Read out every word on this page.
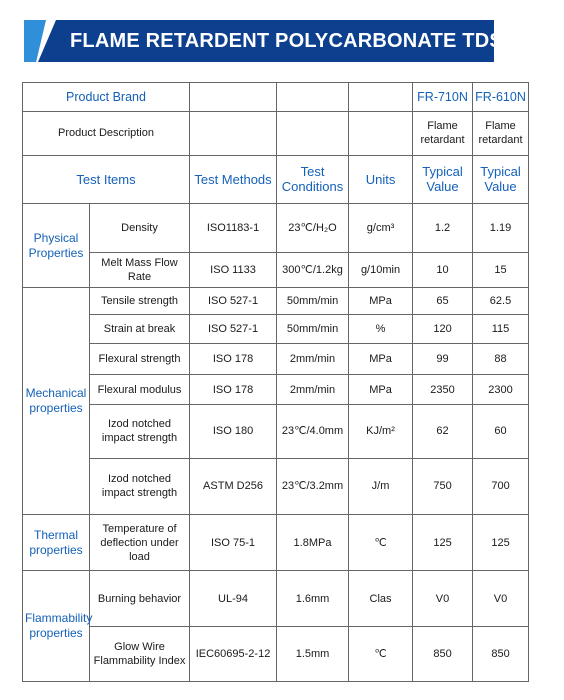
FLAME RETARDENT POLYCARBONATE TDS
Product Brand					FR-710N	FR-610N
Product Description					Flame retardant	Flame retardant
Test Items		Test Methods	Test Conditions	Units	Typical Value	Typical Value
Physical Properties	Density	ISO1183-1	23℃/H₂O	g/cm³	1.2	1.19
	Melt Mass Flow Rate	ISO 1133	300℃/1.2kg	g/10min	10	15
Mechanical properties	Tensile strength	ISO 527-1	50mm/min	MPa	65	62.5
	Strain at break	ISO 527-1	50mm/min	%	120	115
	Flexural strength	ISO 178	2mm/min	MPa	99	88
	Flexural modulus	ISO 178	2mm/min	MPa	2350	2300
	Izod notched impact strength	ISO 180	23℃/4.0mm	KJ/m²	62	60
	Izod notched impact strength	ASTM D256	23℃/3.2mm	J/m	750	700
Thermal properties	Temperature of deflection under load	ISO 75-1	1.8MPa	℃	125	125
Flammability properties	Burning behavior	UL-94	1.6mm	Clas	V0	V0
	Glow Wire Flammability Index	IEC60695-2-12	1.5mm	℃	850	850
